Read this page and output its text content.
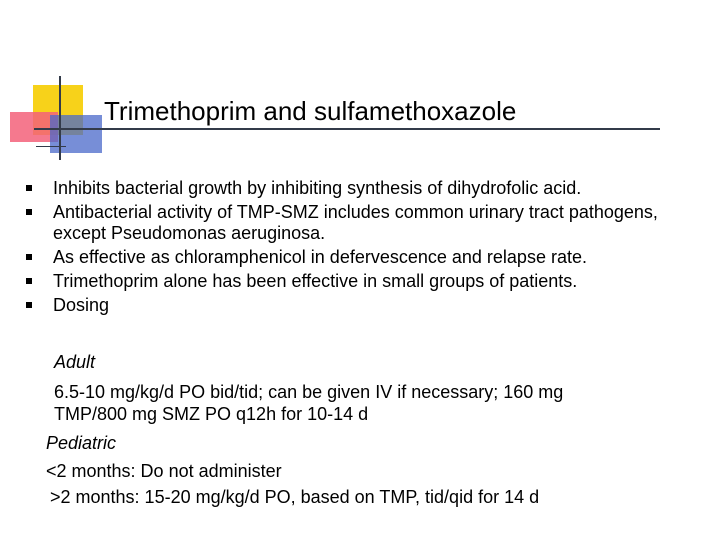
Trimethoprim and sulfamethoxazole
Inhibits bacterial growth by inhibiting synthesis of dihydrofolic acid.
Antibacterial activity of TMP-SMZ includes common urinary tract pathogens, except Pseudomonas aeruginosa.
As effective as chloramphenicol in defervescence and relapse rate.
Trimethoprim alone has been effective in small groups of patients.
Dosing
Adult
6.5-10 mg/kg/d PO bid/tid; can be given IV if necessary; 160 mg
TMP/800 mg SMZ PO q12h for 10-14 d
Pediatric
<2 months: Do not administer
>2 months: 15-20 mg/kg/d PO, based on TMP, tid/qid for 14 d
